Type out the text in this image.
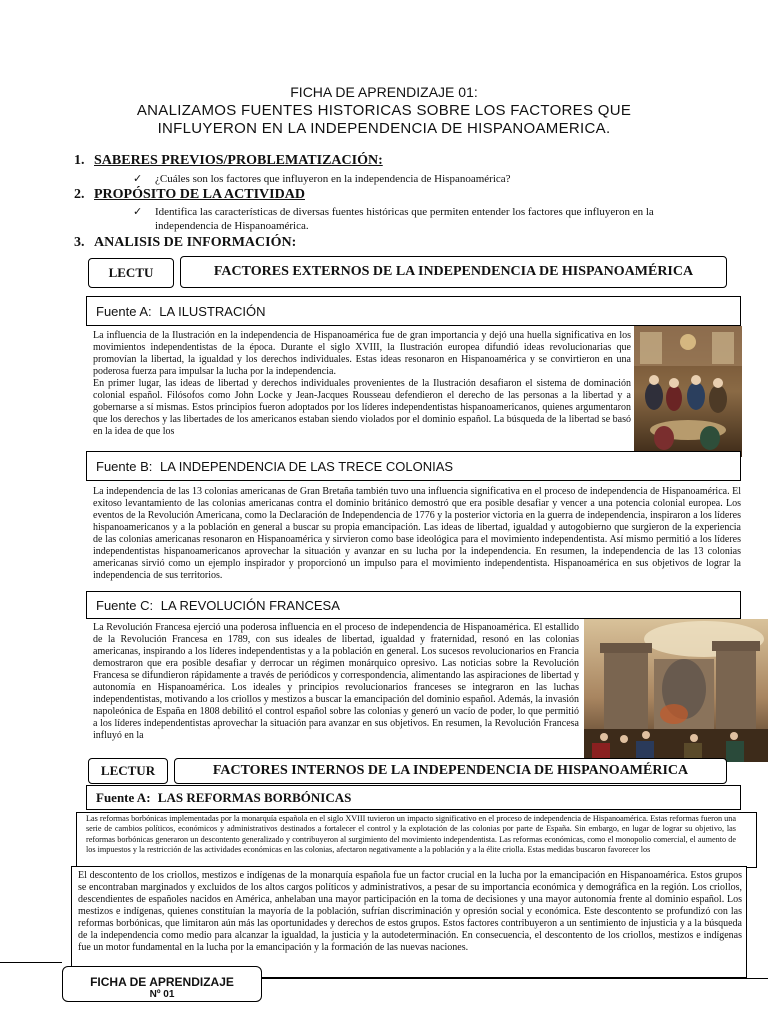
FICHA DE APRENDIZAJE 01:
ANALIZAMOS FUENTES HISTORICAS SOBRE LOS FACTORES QUE
INFLUYERON EN LA INDEPENDENCIA DE HISPANOAMERICA.
1. SABERES PREVIOS/PROBLEMATIZACIÓN:
✓	¿Cuáles son los factores que influyeron en la independencia de Hispanoamérica?
2. PROPÓSITO DE LA ACTIVIDAD
✓	Identifica las características de diversas fuentes históricas que permiten entender los factores que influyeron en la independencia de Hispanoamérica.
3. ANALISIS DE INFORMACIÓN:
LECTU	FACTORES EXTERNOS DE LA INDEPENDENCIA DE HISPANOAMÉRICA
Fuente A: LA ILUSTRACIÓN

La influencia de la Ilustración en la independencia de Hispanoamérica fue de gran importancia y dejó una huella significativa en los movimientos independentistas de la época. Durante el siglo XVIII, la Ilustración europea difundió ideas revolucionarias que promovían la libertad, la igualdad y los derechos individuales. Estas ideas resonaron en Hispanoamérica y se convirtieron en una poderosa fuerza para impulsar la lucha por la independencia.

En primer lugar, las ideas de libertad y derechos individuales provenientes de la Ilustración desafiaron el sistema de dominación colonial español. Filósofos como John Locke y Jean-Jacques Rousseau defendieron el derecho de las personas a la libertad y a gobernarse a sí mismas. Estos principios fueron adoptados por los líderes independentistas hispanoamericanos, quienes argumentaron que los derechos y las libertades de los americanos estaban siendo violados por el dominio español. La búsqueda de la libertad se basó en la idea de que los

Fuente B: LA INDEPENDENCIA DE LAS TRECE COLONIAS

La independencia de las 13 colonias americanas de Gran Bretaña también tuvo una influencia significativa en el proceso de independencia de Hispanoamérica. El exitoso levantamiento de las colonias americanas contra el dominio británico demostró que era posible desafiar y vencer a una potencia colonial europea. Los eventos de la Revolución Americana, como la Declaración de Independencia de 1776 y la posterior victoria en la guerra de independencia, inspiraron a los líderes hispanoamericanos y a la población en general a buscar su propia emancipación. Las ideas de libertad, igualdad y autogobierno que surgieron de la experiencia de las colonias americanas resonaron en Hispanoamérica y sirvieron como base ideológica para el movimiento independentista. Así mismo permitió a los líderes independentistas hispanoamericanos aprovechar la situación y avanzar en su lucha por la independencia. En resumen, la independencia de las 13 colonias americanas sirvió como un ejemplo inspirador y proporcionó un impulso para el movimiento independentista. Hispanoamérica en sus objetivos de lograr la independencia de sus territorios.

Fuente C: LA REVOLUCIÓN FRANCESA

La Revolución Francesa ejerció una poderosa influencia en el proceso de independencia de Hispanoamérica. El estallido de la Revolución Francesa en 1789, con sus ideales de libertad, igualdad y fraternidad, resonó en las colonias americanas, inspirando a los líderes independentistas y a la población en general. Los sucesos revolucionarios en Francia demostraron que era posible desafiar y derrocar un régimen monárquico opresivo. Las noticias sobre la Revolución Francesa se difundieron rápidamente a través de periódicos y correspondencia, alimentando las aspiraciones de libertad y autonomía en Hispanoamérica. Los ideales y principios revolucionarios franceses se integraron en las luchas independentistas, motivando a los criollos y mestizos a buscar la emancipación del dominio español. Además, la invasión napoleónica de España en 1808 debilitó el control español sobre las colonias y generó un vacío de poder, lo que permitió a los líderes independentistas aprovechar la situación para avanzar en sus objetivos. En resumen, la Revolución Francesa influyó en la

LECTUR	FACTORES INTERNOS DE LA INDEPENDENCIA DE HISPANOAMÉRICA
Fuente A: LAS REFORMAS BORBÓNICAS

Las reformas borbónicas implementadas por la monarquía española en el siglo XVIII tuvieron un impacto significativo en el proceso de independencia de Hispanoamérica. Estas reformas fueron una serie de cambios políticos, económicos y administrativos destinados a fortalecer el control y la explotación de las colonias por parte de España. Sin embargo, en lugar de lograr su objetivo, las reformas borbónicas generaron un descontento generalizado y contribuyeron al surgimiento del movimiento independentista. Las reformas económicas, como el monopolio comercial, el aumento de los impuestos y la restricción de las actividades económicas en las colonias, afectaron negativamente a la población y a la élite criolla. Estas medidas buscaron favorecer los

El descontento de los criollos, mestizos e indígenas de la monarquía española fue un factor crucial en la lucha por la emancipación en Hispanoamérica. Estos grupos se encontraban marginados y excluidos de los altos cargos políticos y administrativos, a pesar de su importancia económica y demográfica en la región. Los criollos, descendientes de españoles nacidos en América, anhelaban una mayor participación en la toma de decisiones y una mayor autonomía frente al dominio español. Los mestizos e indígenas, quienes constituían la mayoría de la población, sufrían discriminación y opresión social y económica. Este descontento se profundizó con las reformas borbónicas, que limitaron aún más las oportunidades y derechos de estos grupos. Estos factores contribuyeron a un sentimiento de injusticia y a la búsqueda de la independencia como medio para alcanzar la igualdad, la justicia y la autodeterminación. En consecuencia, el descontento de los criollos, mestizos e indígenas fue un motor fundamental en la lucha por la emancipación y la formación de las nuevas naciones.

FICHA DE APRENDIZAJE
Nº 01
